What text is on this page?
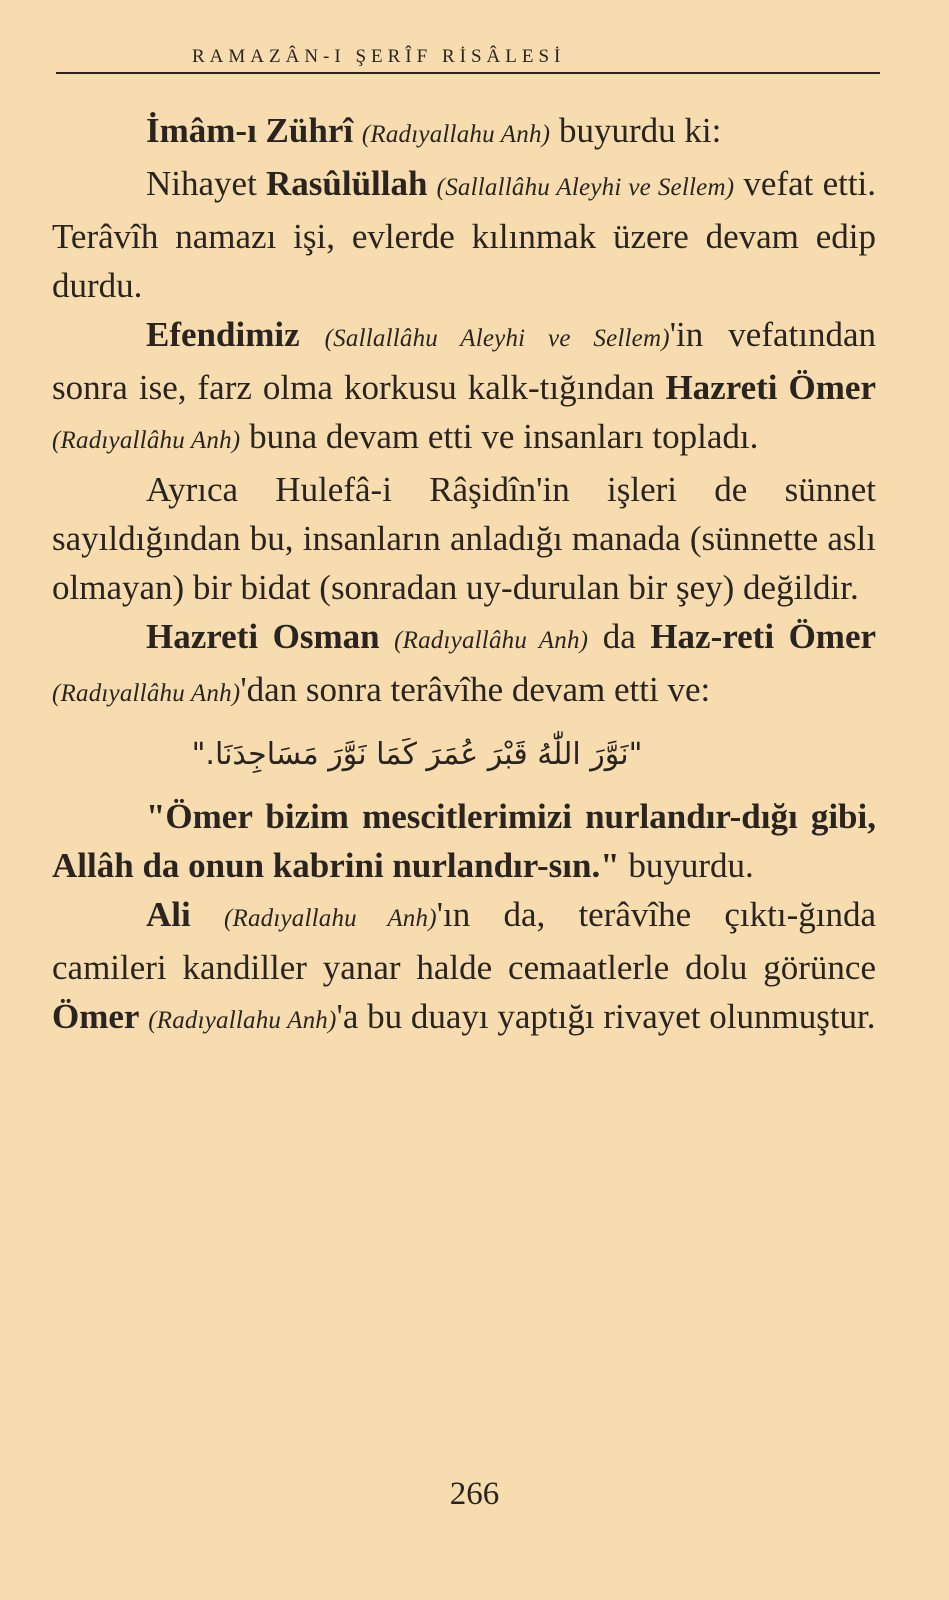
RAMAZÂN-I ŞERÎF RİSÂLESİ

İmâm-ı Zührî (Radıyallahu Anh) buyurdu ki:

Nihayet Rasûlüllah (Sallallâhu Aleyhi ve Sellem) vefat etti. Terâvîh namazı işi, evlerde kılınmak üzere devam edip durdu.

Efendimiz (Sallallâhu Aleyhi ve Sellem)'in vefatından sonra ise, farz olma korkusu kalk-tığından Hazreti Ömer (Radıyallâhu Anh) buna devam etti ve insanları topladı.

Ayrıca Hulefâ-i Râşidîn'in işleri de sünnet sayıldığından bu, insanların anladığı manada (sünnette aslı olmayan) bir bidat (sonradan uy-durulan bir şey) değildir.

Hazreti Osman (Radıyallâhu Anh) da Haz-reti Ömer (Radıyallâhu Anh)'dan sonra terâvîhe devam etti ve:

"نَوَّرَ اللّٰهُ قَبْرَ عُمَرَ كَمَا نَوَّرَ مَسَاجِدَنَا."

"Ömer bizim mescitlerimizi nurlandır-dığı gibi, Allâh da onun kabrini nurlandır-sın." buyurdu.

Ali (Radıyallahu Anh)'ın da, terâvîhe çıktı-ğında camileri kandiller yanar halde cemaatlerle dolu görünce Ömer (Radıyallahu Anh)'a bu duayı yaptığı rivayet olunmuştur.

266
